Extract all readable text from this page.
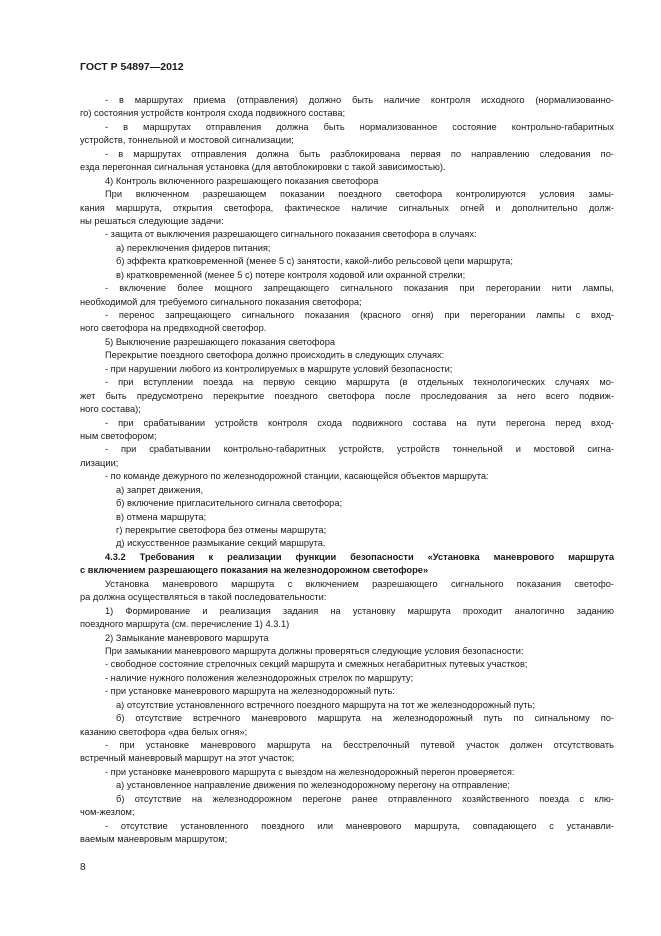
ГОСТ Р 54897—2012
- в маршрутах приема (отправления) должно быть наличие контроля исходного (нормализованно-
го) состояния устройств контроля схода подвижного состава;
- в маршрутах отправления должна быть нормализованное состояние контрольно-габаритных
устройств, тоннельной и мостовой сигнализации;
- в маршрутах отправления должна быть разблокирована первая по направлению следования по-
езда перегонная сигнальная установка (для автоблокировки с такой зависимостью).
4) Контроль включенного разрешающего показания светофора
При включенном разрешающем показании поездного светофора контролируются условия замы-
кания маршрута, открытия светофора, фактическое наличие сигнальных огней и дополнительно долж-
ны решаться следующие задачи:
- защита от выключения разрешающего сигнального показания светофора в случаях:
а) переключения фидеров питания;
б) эффекта кратковременной (менее 5 с) занятости, какой-либо рельсовой цепи маршрута;
в) кратковременной (менее 5 с) потере контроля ходовой или охранной стрелки;
- включение более мощного запрещающего сигнального показания при перегорании нити лампы,
необходимой для требуемого сигнального показания светофора;
- перенос запрещающего сигнального показания (красного огня) при перегорании лампы с вход-
ного светофора на предвходной светофор.
5) Выключение разрешающего показания светофора
Перекрытие поездного светофора должно происходить в следующих случаях:
- при нарушении любого из контролируемых в маршруте условий безопасности;
- при вступлении поезда на первую секцию маршрута (в отдельных технологических случаях мо-
жет быть предусмотрено перекрытие поездного светофора после проследования за него всего подвиж-
ного состава);
- при срабатывании устройств контроля схода подвижного состава на пути перегона перед вход-
ным светофором;
- при срабатывании контрольно-габаритных устройств, устройств тоннельной и мостовой сигна-
лизации;
- по команде дежурного по железнодорожной станции, касающейся объектов маршрута:
а) запрет движения,
б) включение пригласительного сигнала светофора;
в) отмена маршрута;
г) перекрытие светофора без отмены маршрута;
д) искусственное размыкание секций маршрута.
4.3.2 Требования к реализации функции безопасности «Установка маневрового маршрута
с включением разрешающего показания на железнодорожном светофоре»
Установка маневрового маршрута с включением разрешающего сигнального показания светофо-
ра должна осуществляться в такой последовательности:
1) Формирование и реализация задания на установку маршрута проходит аналогично заданию
поездного маршрута (см. перечисление 1) 4.3.1)
2) Замыкание маневрового маршрута
При замыкании маневрового маршрута должны проверяться следующие условия безопасности:
- свободное состояние стрелочных секций маршрута и смежных негабаритных путевых участков;
- наличие нужного положения железнодорожных стрелок по маршруту;
- при установке маневрового маршрута на железнодорожный путь:
а) отсутствие установленного встречного поездного маршрута на тот же железнодорожный путь;
б) отсутствие встречного маневрового маршрута на железнодорожный путь по сигнальному по-
казанию светофора «два белых огня»;
- при установке маневрового маршрута на бесстрелочный путевой участок должен отсутствовать
встречный маневровый маршрут на этот участок;
- при установке маневрового маршрута с выездом на железнодорожный перегон проверяется:
а) установленное направление движения по железнодорожному перегону на отправление;
б) отсутствие на железнодорожном перегоне ранее отправленного хозяйственного поезда с клю-
чом-жезлом;
- отсутствие установленного поездного или маневрового маршрута, совпадающего с устанавли-
ваемым маневровым маршрутом;
8
